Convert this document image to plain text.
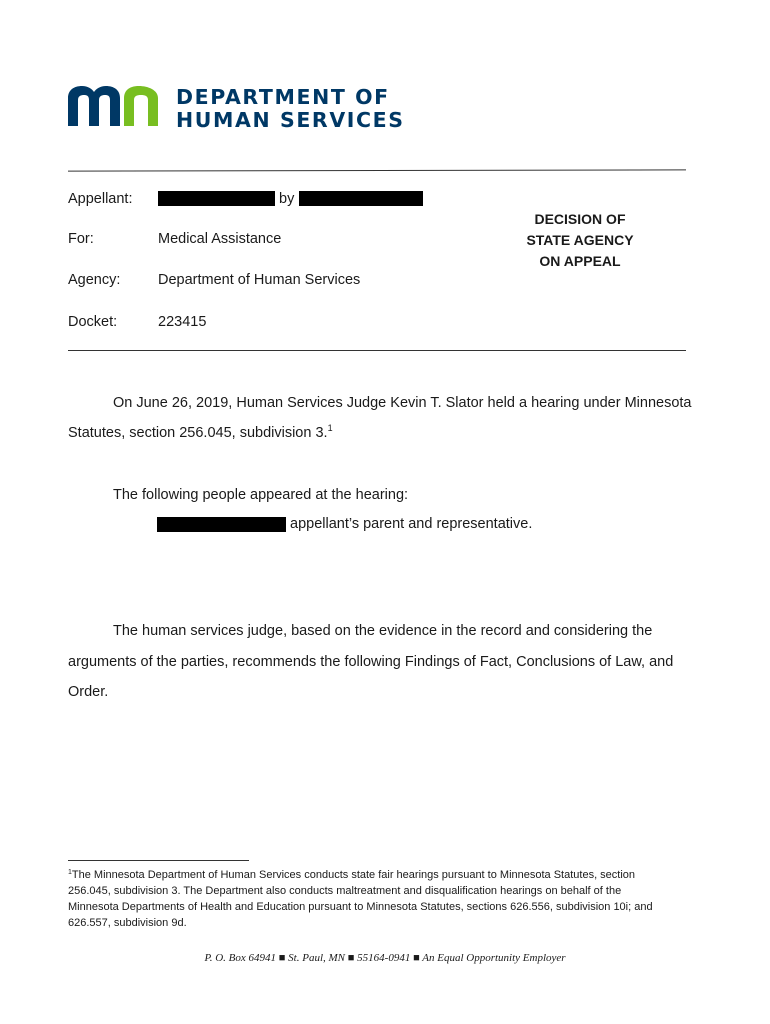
DEPARTMENT OF
HUMAN SERVICES
Appellant:	by
For:	Medical Assistance
Agency:	Department of Human Services
Docket:	223415
DECISION OF
STATE AGENCY
ON APPEAL
On June 26, 2019, Human Services Judge Kevin T. Slator held a hearing under Minnesota
Statutes, section 256.045, subdivision 3.$^1$
The following people appeared at the hearing:
appellant’s parent and representative.
The human services judge, based on the evidence in the record and considering the
arguments of the parties, recommends the following Findings of Fact, Conclusions of Law, and
Order.
$^1$The Minnesota Department of Human Services conducts state fair hearings pursuant to Minnesota Statutes, section
256.045, subdivision 3. The Department also conducts maltreatment and disqualification hearings on behalf of the
Minnesota Departments of Health and Education pursuant to Minnesota Statutes, sections 626.556, subdivision 10i; and
626.557, subdivision 9d.
P. O. Box 64941 ■ St. Paul, MN ■ 55164-0941 ■ An Equal Opportunity Employer
